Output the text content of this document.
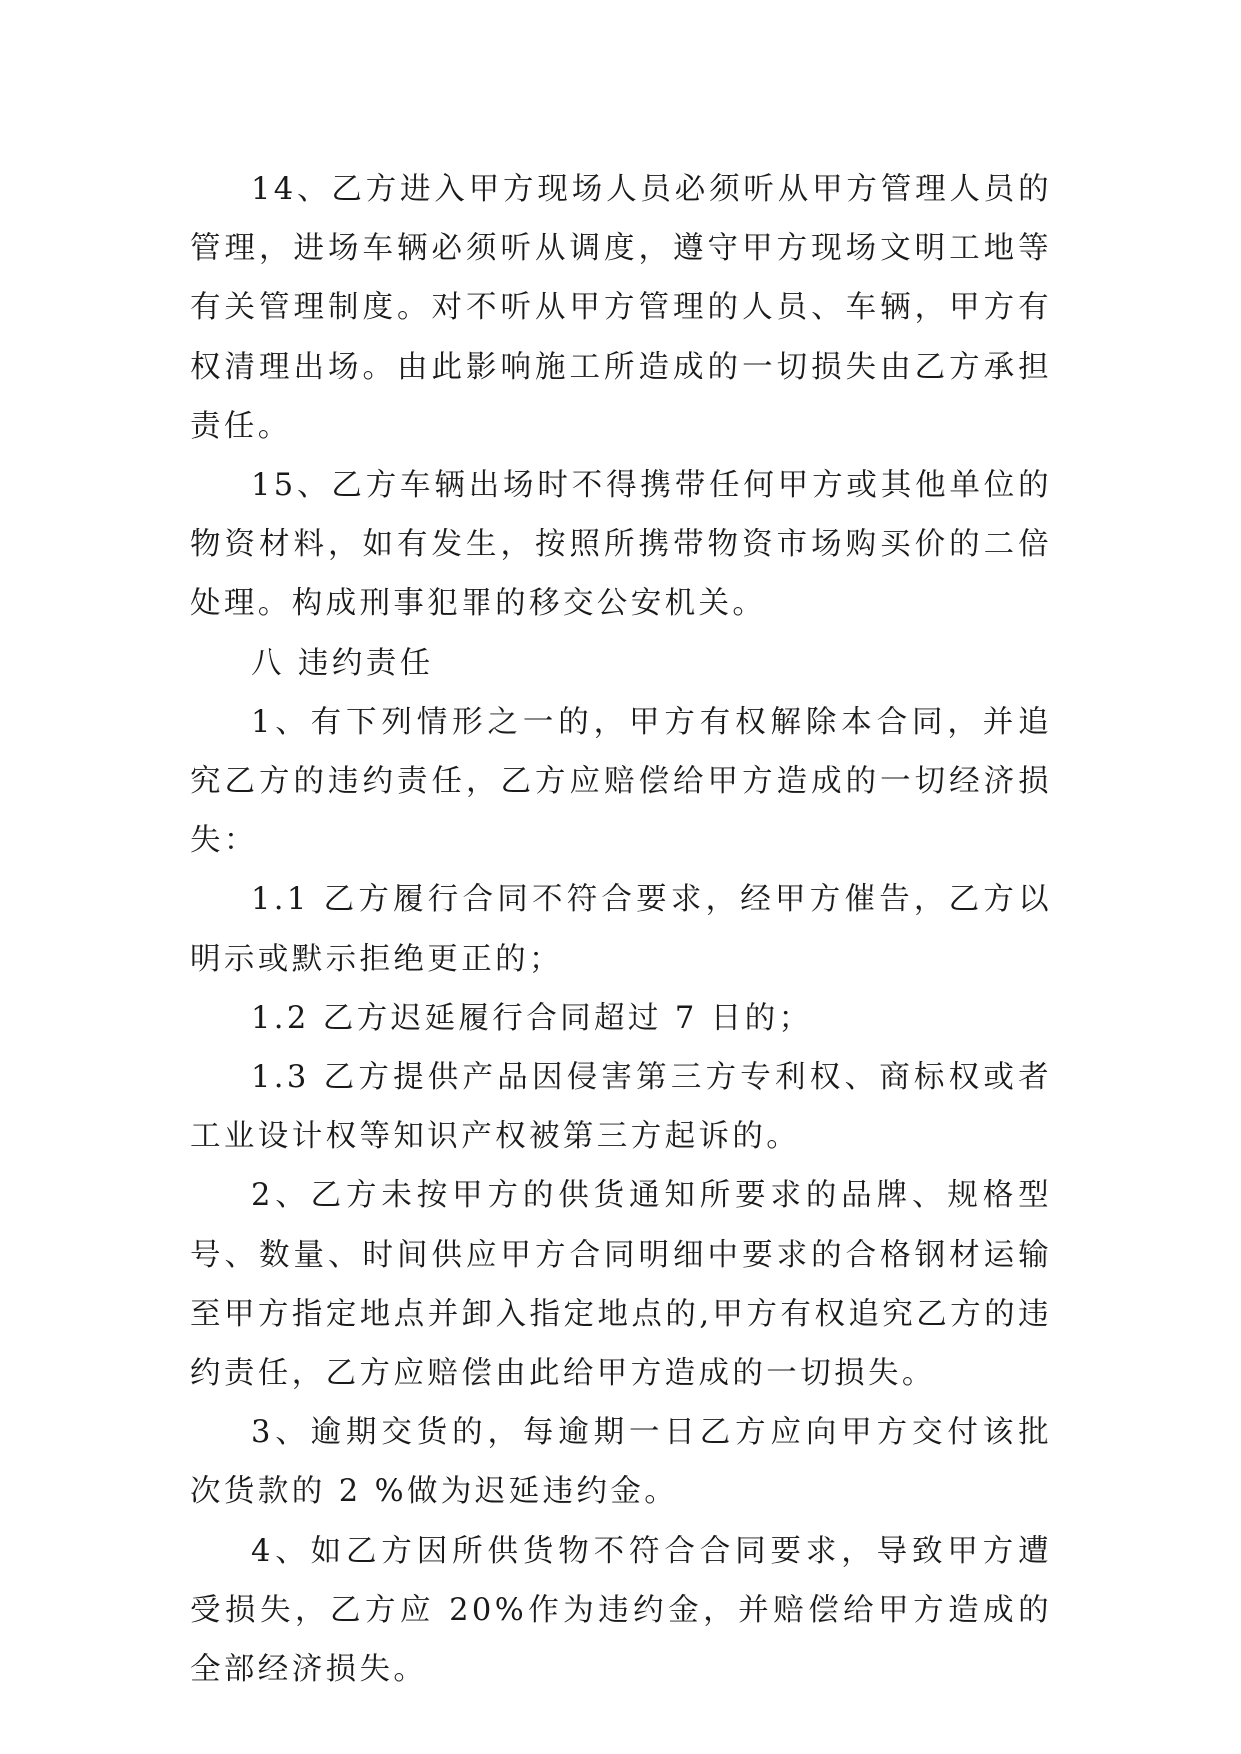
14、乙方进入甲方现场人员必须听从甲方管理人员的管理，进场车辆必须听从调度，遵守甲方现场文明工地等有关管理制度。对不听从甲方管理的人员、车辆，甲方有权清理出场。由此影响施工所造成的一切损失由乙方承担责任。

15、乙方车辆出场时不得携带任何甲方或其他单位的物资材料，如有发生，按照所携带物资市场购买价的二倍处理。构成刑事犯罪的移交公安机关。

八 违约责任

1、有下列情形之一的，甲方有权解除本合同，并追究乙方的违约责任，乙方应赔偿给甲方造成的一切经济损失：

1.1 乙方履行合同不符合要求，经甲方催告，乙方以明示或默示拒绝更正的；

1.2 乙方迟延履行合同超过 7 日的；

1.3 乙方提供产品因侵害第三方专利权、商标权或者工业设计权等知识产权被第三方起诉的。

2、乙方未按甲方的供货通知所要求的品牌、规格型号、数量、时间供应甲方合同明细中要求的合格钢材运输至甲方指定地点并卸入指定地点的,甲方有权追究乙方的违约责任，乙方应赔偿由此给甲方造成的一切损失。

3、逾期交货的，每逾期一日乙方应向甲方交付该批次货款的 2 %做为迟延违约金。

4、如乙方因所供货物不符合合同要求，导致甲方遭受损失，乙方应 20%作为违约金，并赔偿给甲方造成的全部经济损失。
